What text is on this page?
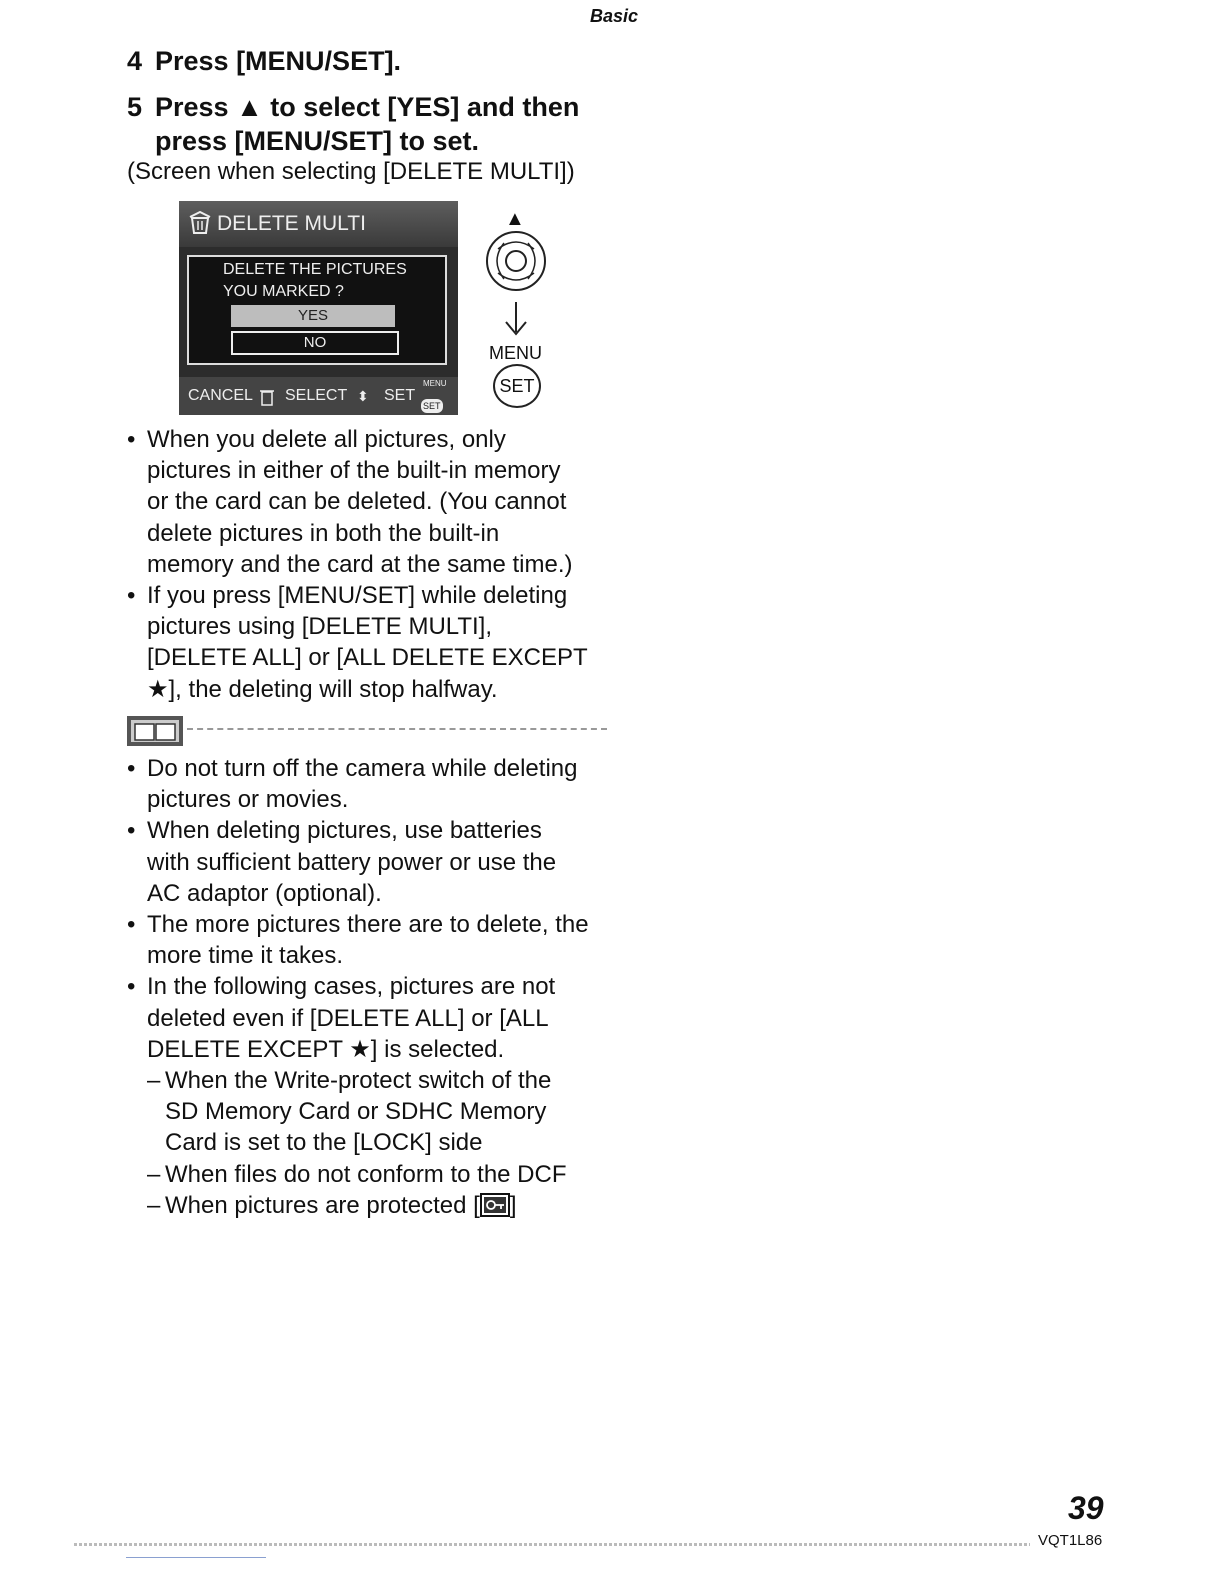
Basic
4 Press [MENU/SET].
5 Press ▲ to select [YES] and then
press [MENU/SET] to set.
(Screen when selecting [DELETE MULTI])
DELETE MULTI
DELETE THE PICTURES
YOU MARKED ?
YES
NO
CANCEL SELECT ⬍ SET
MENU
SET
▲
MENU
SET
• When you delete all pictures, only
pictures in either of the built-in memory
or the card can be deleted. (You cannot
delete pictures in both the built-in
memory and the card at the same time.)
• If you press [MENU/SET] while deleting
pictures using [DELETE MULTI],
[DELETE ALL] or [ALL DELETE EXCEPT
★], the deleting will stop halfway.
• Do not turn off the camera while deleting
pictures or movies.
• When deleting pictures, use batteries
with sufficient battery power or use the
AC adaptor (optional).
• The more pictures there are to delete, the
more time it takes.
• In the following cases, pictures are not
deleted even if [DELETE ALL] or [ALL
DELETE EXCEPT ★] is selected.
– When the Write-protect switch of the
SD Memory Card or SDHC Memory
Card is set to the [LOCK] side
– When files do not conform to the DCF
– When pictures are protected [ ]
39
VQT1L86
